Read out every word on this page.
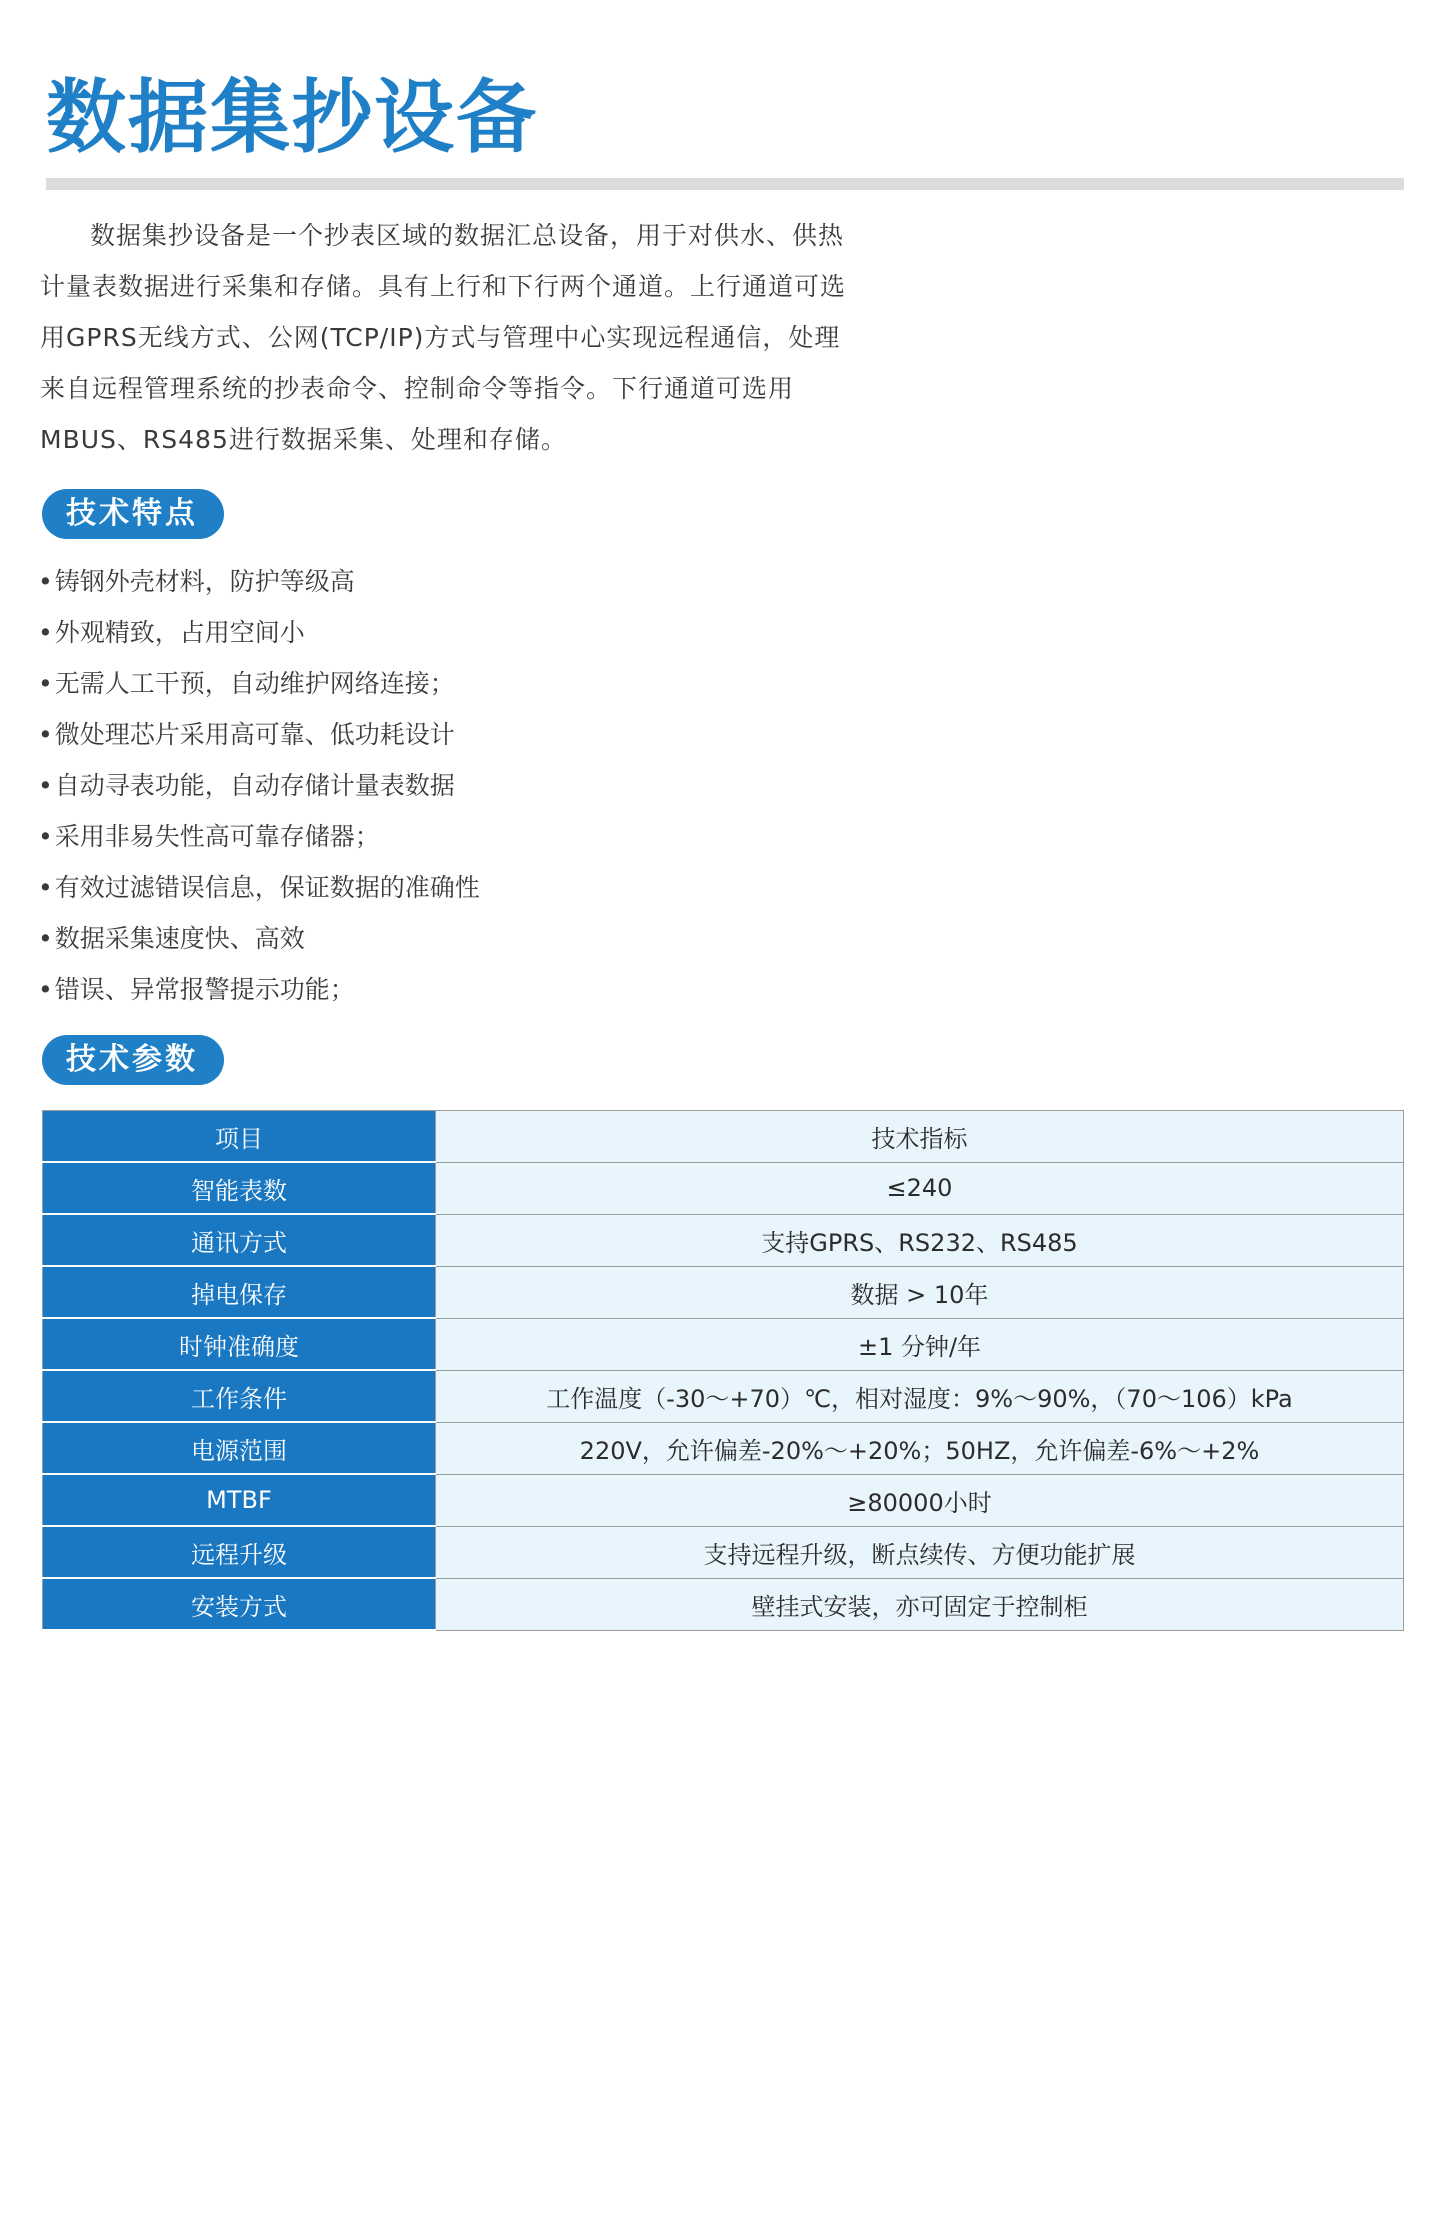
数据集抄设备

数据集抄设备是一个抄表区域的数据汇总设备，用于对供水、供热计量表数据进行采集和存储。具有上行和下行两个通道。上行通道可选用GPRS无线方式、公网(TCP/IP)方式与管理中心实现远程通信，处理来自远程管理系统的抄表命令、控制命令等指令。下行通道可选用MBUS、RS485进行数据采集、处理和存储。

技术特点
• 铸钢外壳材料，防护等级高
• 外观精致，占用空间小
• 无需人工干预，自动维护网络连接；
• 微处理芯片采用高可靠、低功耗设计
• 自动寻表功能，自动存储计量表数据
• 采用非易失性高可靠存储器；
• 有效过滤错误信息，保证数据的准确性
• 数据采集速度快、高效
• 错误、异常报警提示功能；
技术参数
项目	技术指标
智能表数	≤240
通讯方式	支持GPRS、RS232、RS485
掉电保存	数据 > 10年
时钟准确度	±1 分钟/年
工作条件	工作温度（-30～+70）℃，相对湿度：9%～90%，（70～106）kPa
电源范围	220V，允许偏差-20%～+20%；50HZ，允许偏差-6%～+2%
MTBF	≥80000小时
远程升级	支持远程升级，断点续传、方便功能扩展
安装方式	壁挂式安装，亦可固定于控制柜
